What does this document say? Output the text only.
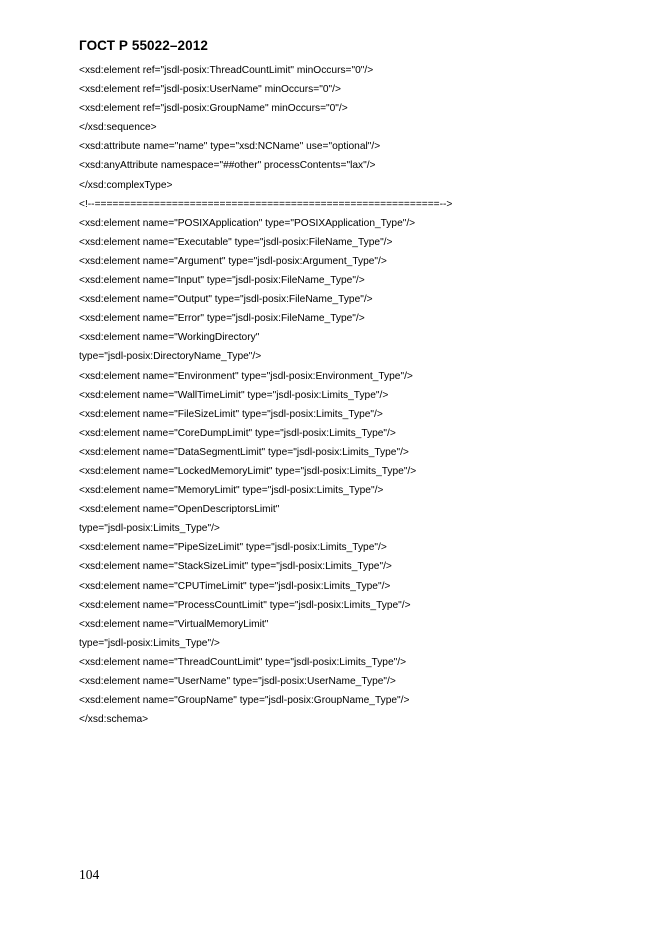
ГОСТ Р 55022–2012
<xsd:element ref="jsdl-posix:ThreadCountLimit" minOccurs="0"/>
<xsd:element ref="jsdl-posix:UserName" minOccurs="0"/>
<xsd:element ref="jsdl-posix:GroupName" minOccurs="0"/>
</xsd:sequence>
<xsd:attribute name="name" type="xsd:NCName" use="optional"/>
<xsd:anyAttribute namespace="##other" processContents="lax"/>
</xsd:complexType>
<!--==========================================================-->
<xsd:element name="POSIXApplication" type="POSIXApplication_Type"/>
<xsd:element name="Executable" type="jsdl-posix:FileName_Type"/>
<xsd:element name="Argument" type="jsdl-posix:Argument_Type"/>
<xsd:element name="Input" type="jsdl-posix:FileName_Type"/>
<xsd:element name="Output" type="jsdl-posix:FileName_Type"/>
<xsd:element name="Error" type="jsdl-posix:FileName_Type"/>
<xsd:element name="WorkingDirectory"
type="jsdl-posix:DirectoryName_Type"/>
<xsd:element name="Environment" type="jsdl-posix:Environment_Type"/>
<xsd:element name="WallTimeLimit" type="jsdl-posix:Limits_Type"/>
<xsd:element name="FileSizeLimit" type="jsdl-posix:Limits_Type"/>
<xsd:element name="CoreDumpLimit" type="jsdl-posix:Limits_Type"/>
<xsd:element name="DataSegmentLimit" type="jsdl-posix:Limits_Type"/>
<xsd:element name="LockedMemoryLimit" type="jsdl-posix:Limits_Type"/>
<xsd:element name="MemoryLimit" type="jsdl-posix:Limits_Type"/>
<xsd:element name="OpenDescriptorsLimit"
type="jsdl-posix:Limits_Type"/>
<xsd:element name="PipeSizeLimit" type="jsdl-posix:Limits_Type"/>
<xsd:element name="StackSizeLimit" type="jsdl-posix:Limits_Type"/>
<xsd:element name="CPUTimeLimit" type="jsdl-posix:Limits_Type"/>
<xsd:element name="ProcessCountLimit" type="jsdl-posix:Limits_Type"/>
<xsd:element name="VirtualMemoryLimit"
type="jsdl-posix:Limits_Type"/>
<xsd:element name="ThreadCountLimit" type="jsdl-posix:Limits_Type"/>
<xsd:element name="UserName" type="jsdl-posix:UserName_Type"/>
<xsd:element name="GroupName" type="jsdl-posix:GroupName_Type"/>
</xsd:schema>
104
